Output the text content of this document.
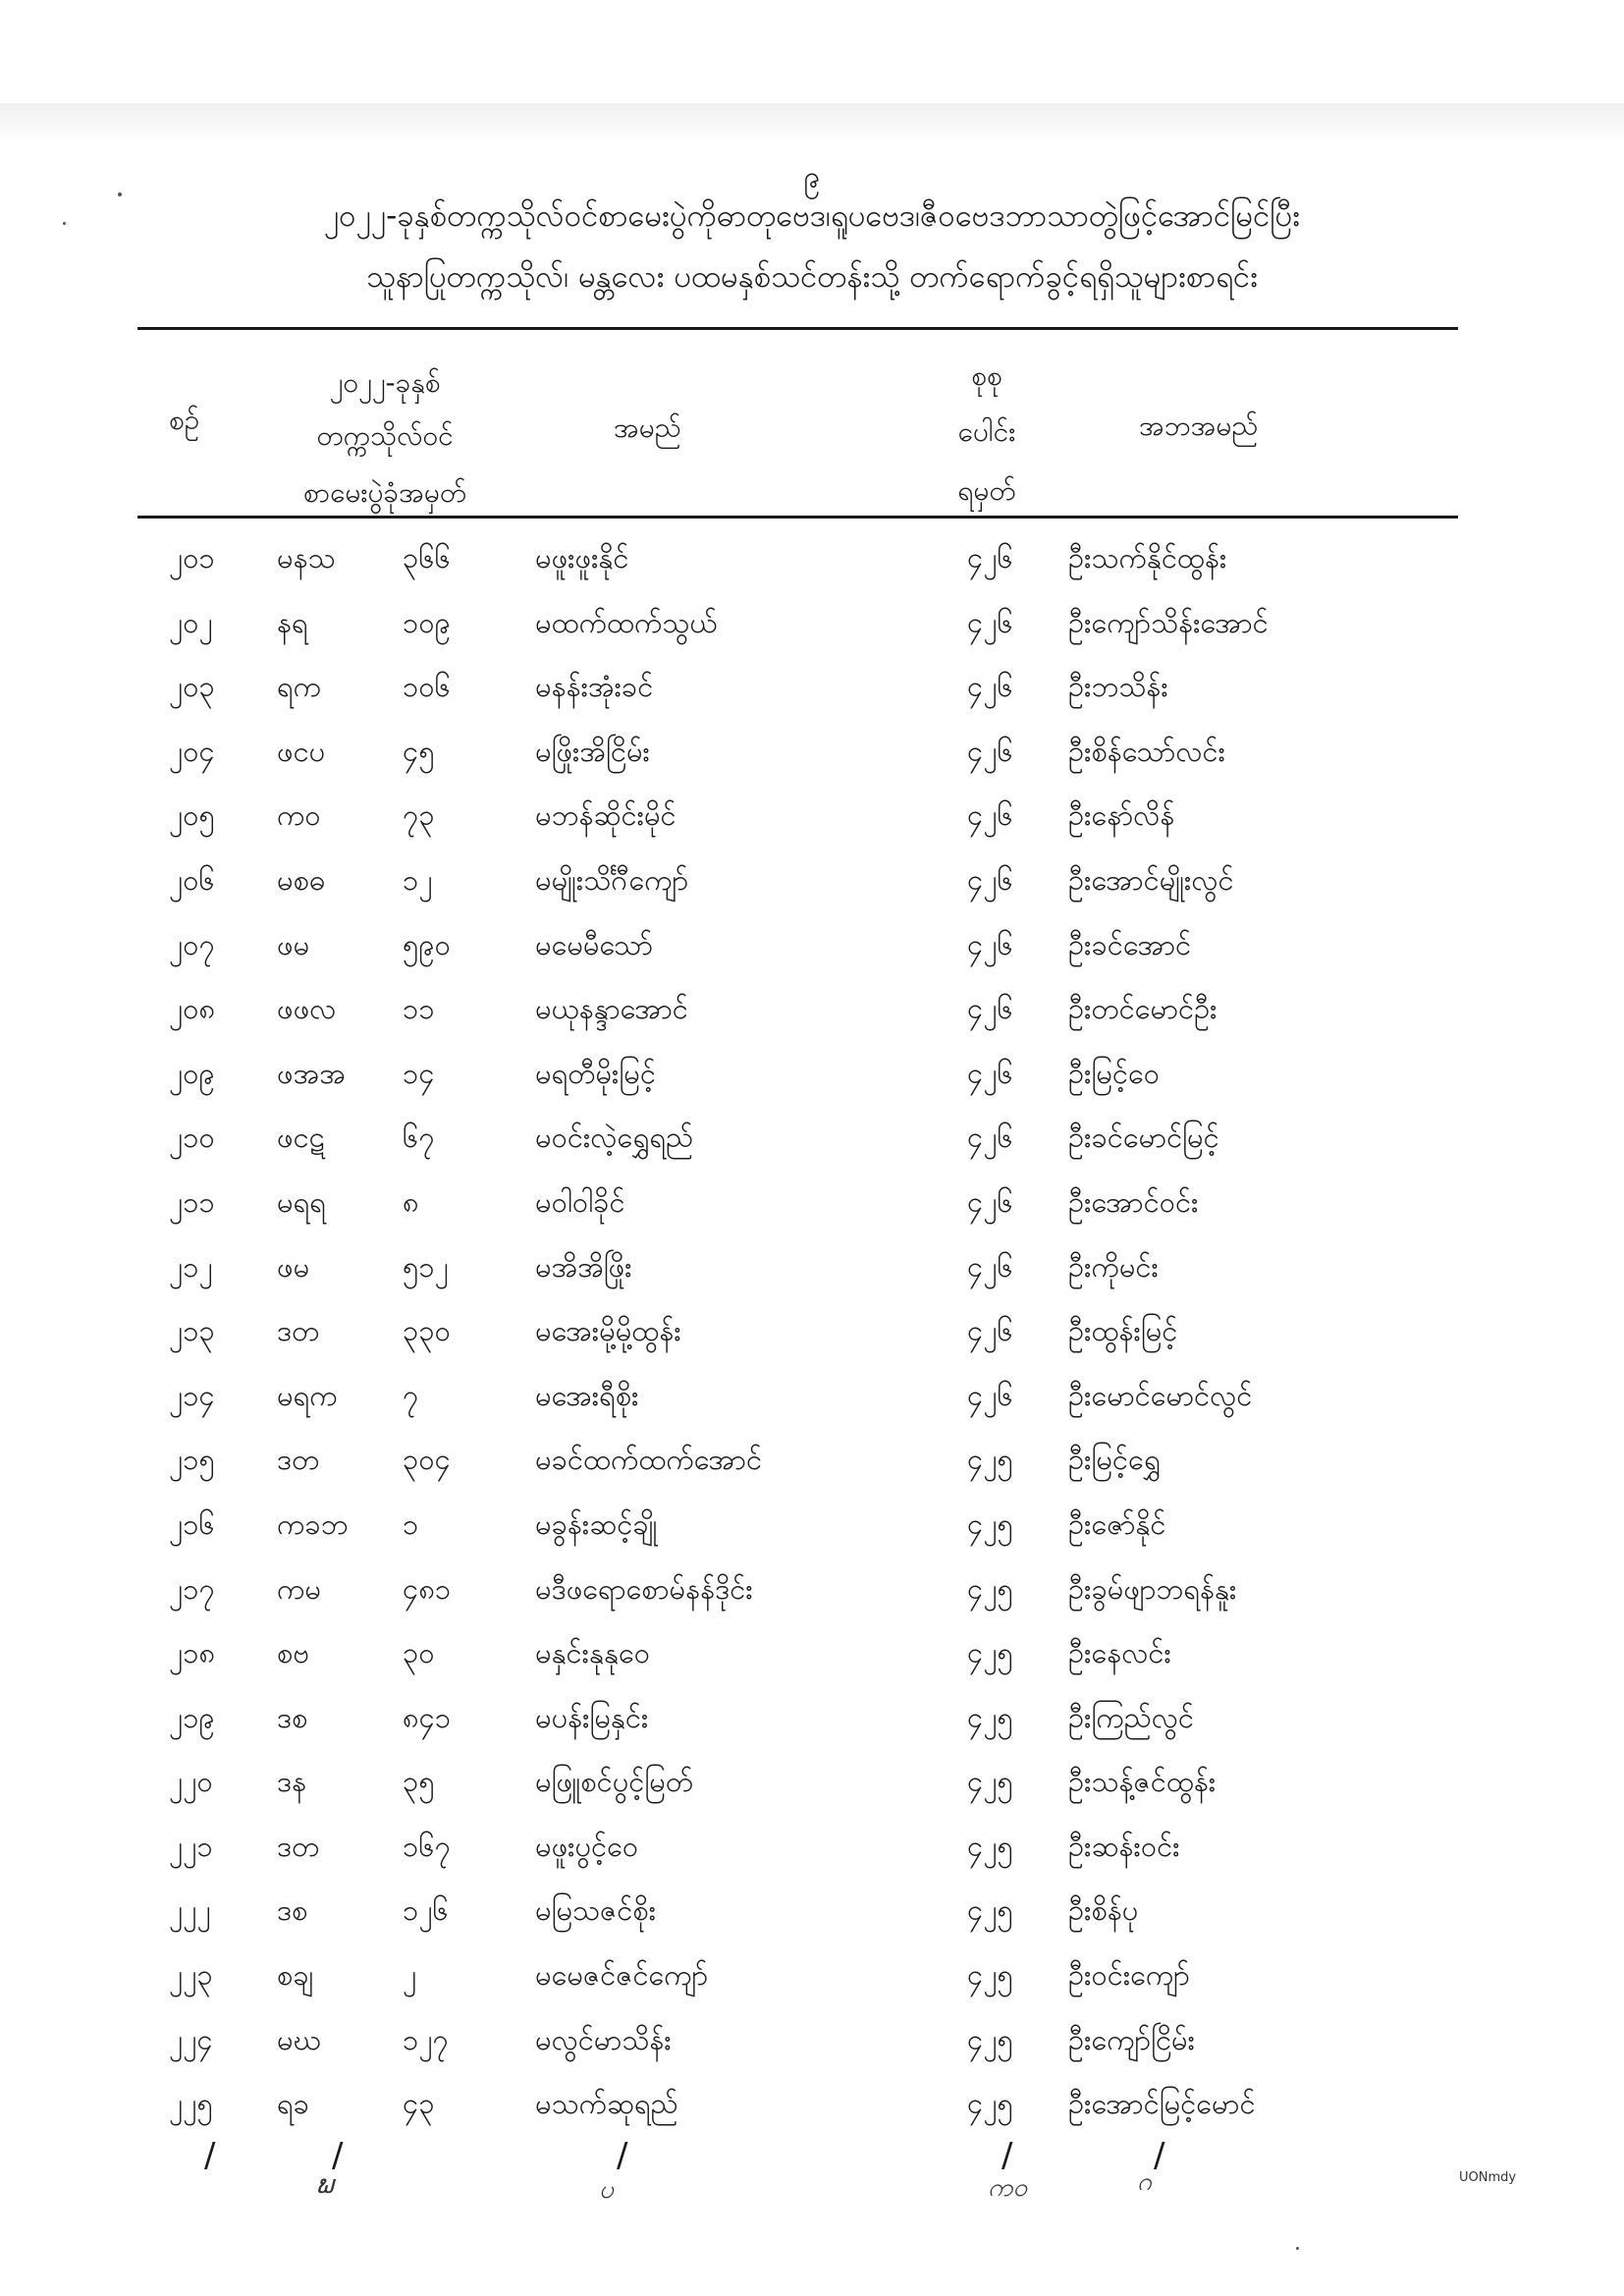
၉
၂၀၂၂-ခုနှစ်တက္ကသိုလ်ဝင်စာမေးပွဲကိုဓာတုဗေဒ၊ရူပဗေဒ၊ဇီဝဗေဒဘာသာတွဲဖြင့်အောင်မြင်ပြီး
သူနာပြုတက္ကသိုလ်၊ မန္တလေး ပထမနှစ်သင်တန်းသို့ တက်ရောက်ခွင့်ရရှိသူများစာရင်း
စဉ်
၂၀၂၂-ခုနှစ်
တက္ကသိုလ်ဝင်
စာမေးပွဲခုံအမှတ်
အမည်
စုစု
ပေါင်း
ရမှတ်
အဘအမည်
၂၀၁	မနသ	၃၆၆	မဖူးဖူးနိုင်	၄၂၆	ဦးသက်နိုင်ထွန်း
၂၀၂	နရ	၁၀၉	မထက်ထက်သွယ်	၄၂၆	ဦးကျော်သိန်းအောင်
၂၀၃	ရက	၁၀၆	မနန်းအုံးခင်	၄၂၆	ဦးဘသိန်း
၂၀၄	ဖငပ	၄၅	မဖြိုးအိငြိမ်း	၄၂၆	ဦးစိန်သော်လင်း
၂၀၅	ကဝ	၇၃	မဘန်ဆိုင်းမိုင်	၄၂၆	ဦးနော်လိန်
၂၀၆	မစဓ	၁၂	မမျိုးသိင်္ဂီကျော်	၄၂၆	ဦးအောင်မျိုးလွင်
၂၀၇	ဖမ	၅၉၀	မမေမီသော်	၄၂၆	ဦးခင်အောင်
၂၀၈	ဖဖလ	၁၁	မယုနန္ဒာအောင်	၄၂၆	ဦးတင်မောင်ဦး
၂၀၉	ဖအအ	၁၄	မရတီမိုးမြင့်	၄၂၆	ဦးမြင့်ဝေ
၂၁၀	ဖငဋ	၆၇	မဝင်းလဲ့ရွှေရည်	၄၂၆	ဦးခင်မောင်မြင့်
၂၁၁	မရရ	၈	မဝါဝါခိုင်	၄၂၆	ဦးအောင်ဝင်း
၂၁၂	ဖမ	၅၁၂	မအိအိဖြိုး	၄၂၆	ဦးကိုမင်း
၂၁၃	ဒတ	၃၃၀	မအေးမို့မို့ထွန်း	၄၂၆	ဦးထွန်းမြင့်
၂၁၄	မရက	၇	မအေးရီစိုး	၄၂၆	ဦးမောင်မောင်လွင်
၂၁၅	ဒတ	၃၀၄	မခင်ထက်ထက်အောင်	၄၂၅	ဦးမြင့်ရွှေ
၂၁၆	ကခဘ	၁	မခွန်းဆင့်ချို	၄၂၅	ဦးဇော်နိုင်
၂၁၇	ကမ	၄၈၁	မဒီဖရောစောမ်နန်ဒိုင်း	၄၂၅	ဦးခွမ်ဖျာဘရန်နူး
၂၁၈	စဗ	၃၀	မနှင်းနုနုဝေ	၄၂၅	ဦးနေလင်း
၂၁၉	ဒစ	၈၄၁	မပန်းမြနှင်း	၄၂၅	ဦးကြည်လွင်
၂၂၀	ဒန	၃၅	မဖြူစင်ပွင့်မြတ်	၄၂၅	ဦးသန့်ဇင်ထွန်း
၂၂၁	ဒတ	၁၆၇	မဖူးပွင့်ဝေ	၄၂၅	ဦးဆန်းဝင်း
၂၂၂	ဒစ	၁၂၆	မမြသဇင်စိုး	၄၂၅	ဦးစိန်ပု
၂၂၃	စချ	၂	မမေဇင်ဇင်ကျော်	၄၂၅	ဦးဝင်းကျော်
၂၂၄	မဃ	၁၂၇	မလွင်မာသိန်း	၄၂၅	ဦးကျော်ငြိမ်း
၂၂၅	ရခ	၄၃	မသက်ဆုရည်	၄၂၅	ဦးအောင်မြင့်မောင်
/	/	/	/	/
ພ	ပ	ကဝ	ဂ	UONmdy
